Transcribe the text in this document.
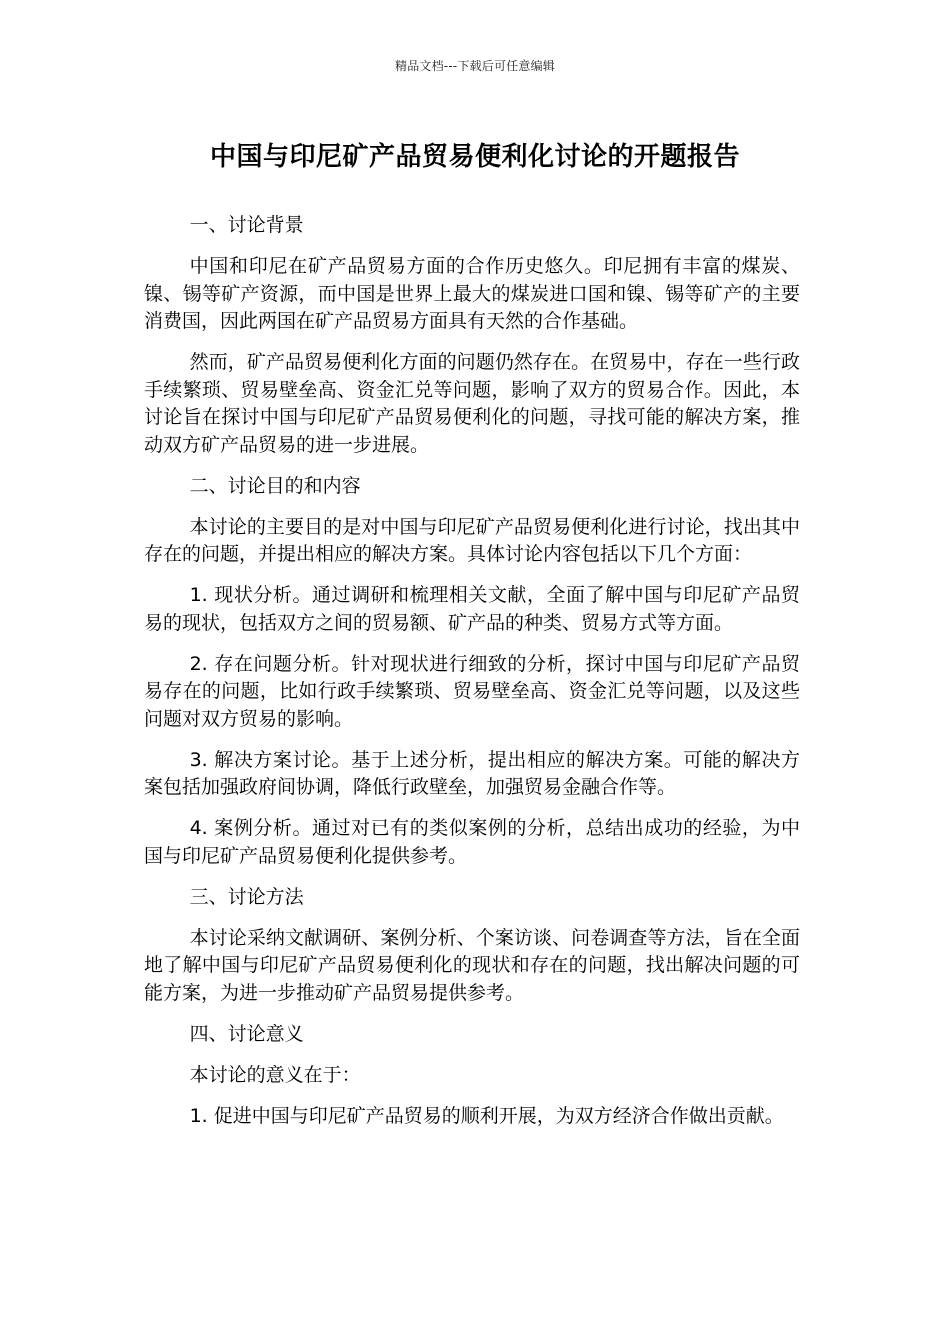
精品文档---下载后可任意编辑
中国与印尼矿产品贸易便利化讨论的开题报告

一、讨论背景

中国和印尼在矿产品贸易方面的合作历史悠久。印尼拥有丰富的煤炭、镍、锡等矿产资源，而中国是世界上最大的煤炭进口国和镍、锡等矿产的主要消费国，因此两国在矿产品贸易方面具有天然的合作基础。

然而，矿产品贸易便利化方面的问题仍然存在。在贸易中，存在一些行政手续繁琐、贸易壁垒高、资金汇兑等问题，影响了双方的贸易合作。因此，本讨论旨在探讨中国与印尼矿产品贸易便利化的问题，寻找可能的解决方案，推动双方矿产品贸易的进一步进展。

二、讨论目的和内容

本讨论的主要目的是对中国与印尼矿产品贸易便利化进行讨论，找出其中存在的问题，并提出相应的解决方案。具体讨论内容包括以下几个方面：

1. 现状分析。通过调研和梳理相关文献，全面了解中国与印尼矿产品贸易的现状，包括双方之间的贸易额、矿产品的种类、贸易方式等方面。

2. 存在问题分析。针对现状进行细致的分析，探讨中国与印尼矿产品贸易存在的问题，比如行政手续繁琐、贸易壁垒高、资金汇兑等问题，以及这些问题对双方贸易的影响。

3. 解决方案讨论。基于上述分析，提出相应的解决方案。可能的解决方案包括加强政府间协调，降低行政壁垒，加强贸易金融合作等。

4. 案例分析。通过对已有的类似案例的分析，总结出成功的经验，为中国与印尼矿产品贸易便利化提供参考。

三、讨论方法

本讨论采纳文献调研、案例分析、个案访谈、问卷调查等方法，旨在全面地了解中国与印尼矿产品贸易便利化的现状和存在的问题，找出解决问题的可能方案，为进一步推动矿产品贸易提供参考。

四、讨论意义

本讨论的意义在于：

1. 促进中国与印尼矿产品贸易的顺利开展，为双方经济合作做出贡献。
